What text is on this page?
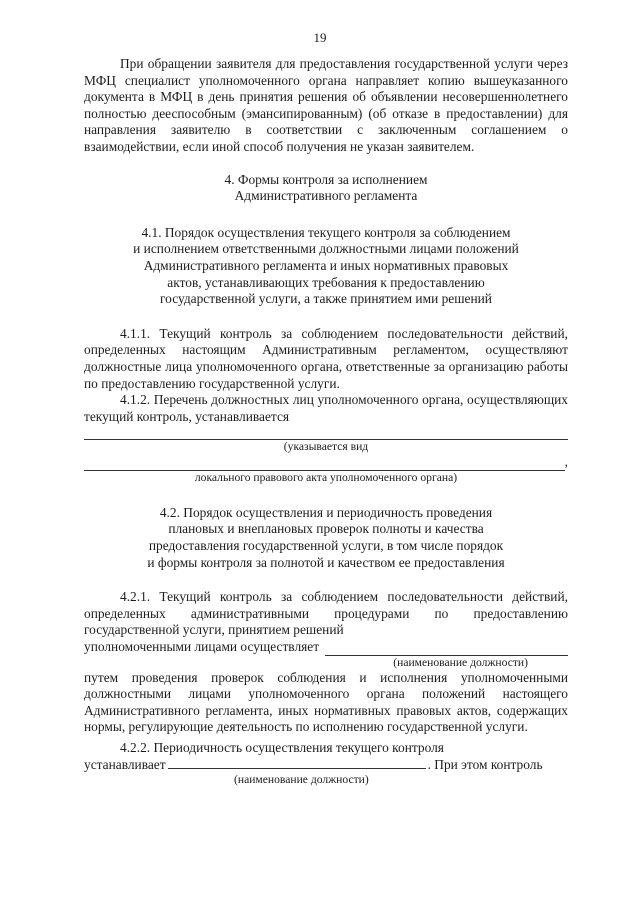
19

При обращении заявителя для предоставления государственной услуги через МФЦ специалист уполномоченного органа направляет копию вышеуказанного документа в МФЦ в день принятия решения об объявлении несовершеннолетнего полностью дееспособным (эмансипированным) (об отказе в предоставлении) для направления заявителю в соответствии с заключенным соглашением о взаимодействии, если иной способ получения не указан заявителем.

4. Формы контроля за исполнением

Административного регламента

4.1. Порядок осуществления текущего контроля за соблюдением
и исполнением ответственными должностными лицами положений
Административного регламента и иных нормативных правовых
актов, устанавливающих требования к предоставлению
государственной услуги, а также принятием ими решений

4.1.1. Текущий контроль за соблюдением последовательности действий, определенных настоящим Административным регламентом, осуществляют должностные лица уполномоченного органа, ответственные за организацию работы по предоставлению государственной услуги.

4.1.2. Перечень должностных лиц уполномоченного органа, осуществляющих текущий контроль, устанавливается

(указывается вид
,
локального правового акта уполномоченного органа)
4.2. Порядок осуществления и периодичность проведения
плановых и внеплановых проверок полноты и качества
предоставления государственной услуги, в том числе порядок
и формы контроля за полнотой и качеством ее предоставления

4.2.1. Текущий контроль за соблюдением последовательности действий, определенных административными процедурами по предоставлению государственной услуги, принятием решений

уполномоченными лицами осуществляет
(наименование должности)

путем проведения проверок соблюдения и исполнения уполномоченными должностными лицами уполномоченного органа положений настоящего Административного регламента, иных нормативных правовых актов, содержащих нормы, регулирующие деятельность по исполнению государственной услуги.

4.2.2. Периодичность осуществления текущего контроля

устанавливает	. При этом контроль
(наименование должности)
